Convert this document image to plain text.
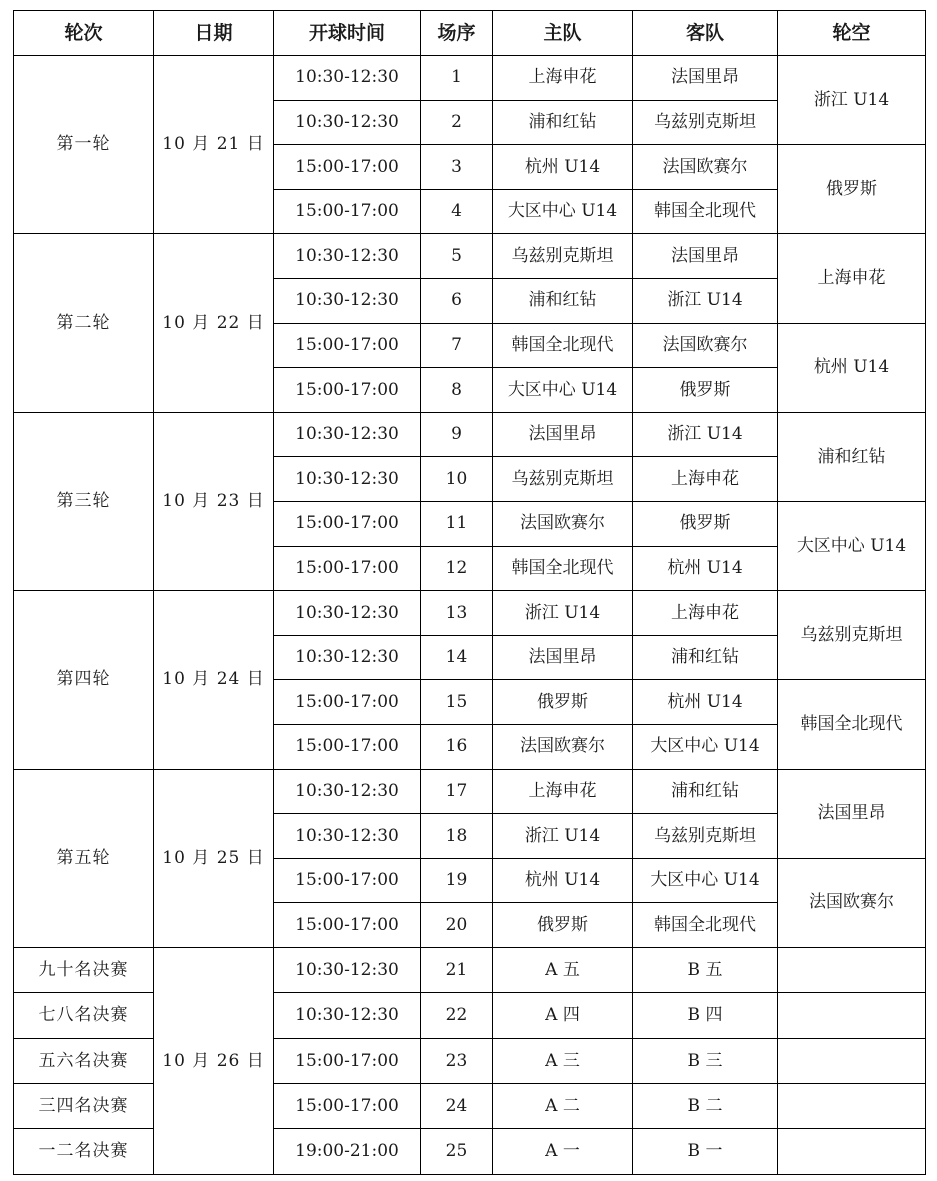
轮次	日期	开球时间	场序	主队	客队	轮空
第一轮	10 月 21 日	10:30-12:30	1	上海申花	法国里昂	浙江 U14
		10:30-12:30	2	浦和红钻	乌兹别克斯坦	
		15:00-17:00	3	杭州 U14	法国欧赛尔	俄罗斯
		15:00-17:00	4	大区中心 U14	韩国全北现代	
第二轮	10 月 22 日	10:30-12:30	5	乌兹别克斯坦	法国里昂	上海申花
		10:30-12:30	6	浦和红钻	浙江 U14	
		15:00-17:00	7	韩国全北现代	法国欧赛尔	杭州 U14
		15:00-17:00	8	大区中心 U14	俄罗斯	
第三轮	10 月 23 日	10:30-12:30	9	法国里昂	浙江 U14	浦和红钻
		10:30-12:30	10	乌兹别克斯坦	上海申花	
		15:00-17:00	11	法国欧赛尔	俄罗斯	大区中心 U14
		15:00-17:00	12	韩国全北现代	杭州 U14	
第四轮	10 月 24 日	10:30-12:30	13	浙江 U14	上海申花	乌兹别克斯坦
		10:30-12:30	14	法国里昂	浦和红钻	
		15:00-17:00	15	俄罗斯	杭州 U14	韩国全北现代
		15:00-17:00	16	法国欧赛尔	大区中心 U14	
第五轮	10 月 25 日	10:30-12:30	17	上海申花	浦和红钻	法国里昂
		10:30-12:30	18	浙江 U14	乌兹别克斯坦	
		15:00-17:00	19	杭州 U14	大区中心 U14	法国欧赛尔
		15:00-17:00	20	俄罗斯	韩国全北现代	
九十名决赛	10 月 26 日	10:30-12:30	21	A 五	B 五	
七八名决赛		10:30-12:30	22	A 四	B 四	
五六名决赛		15:00-17:00	23	A 三	B 三	
三四名决赛		15:00-17:00	24	A 二	B 二	
一二名决赛		19:00-21:00	25	A 一	B 一	
